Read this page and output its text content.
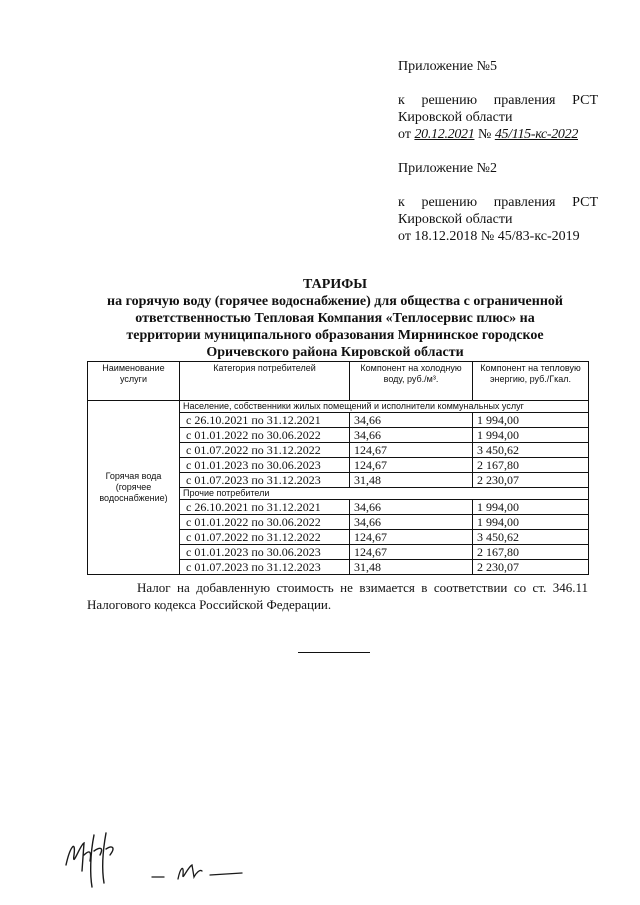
Приложение №5
к решению правления РСТ
Кировской области
от 20.12.2021 № 45/115-кс-2022
Приложение №2
к решению правления РСТ
Кировской области
от 18.12.2018 № 45/83-кс-2019
ТАРИФЫ
на горячую воду (горячее водоснабжение) для общества с ограниченной
ответственностью Тепловая Компания «Теплосервис плюс» на
территории муниципального образования Мирнинское городское
Оричевского района Кировской области
Наименование услуги	Категория потребителей	Компонент на холодную воду, руб./м³.	Компонент на тепловую энергию, руб./Гкал.
Горячая вода (горячее водоснабжение)	Население, собственники жилых помещений и исполнители коммунальных услуг		
	с 26.10.2021 по 31.12.2021	34,66	1 994,00
	с 01.01.2022 по 30.06.2022	34,66	1 994,00
	с 01.07.2022 по 31.12.2022	124,67	3 450,62
	с 01.01.2023 по 30.06.2023	124,67	2 167,80
	с 01.07.2023 по 31.12.2023	31,48	2 230,07
	Прочие потребители		
	с 26.10.2021 по 31.12.2021	34,66	1 994,00
	с 01.01.2022 по 30.06.2022	34,66	1 994,00
	с 01.07.2022 по 31.12.2022	124,67	3 450,62
	с 01.01.2023 по 30.06.2023	124,67	2 167,80
	с 01.07.2023 по 31.12.2023	31,48	2 230,07
Налог на добавленную стоимость не взимается в соответствии со ст. 346.11
Налогового кодекса Российской Федерации.
